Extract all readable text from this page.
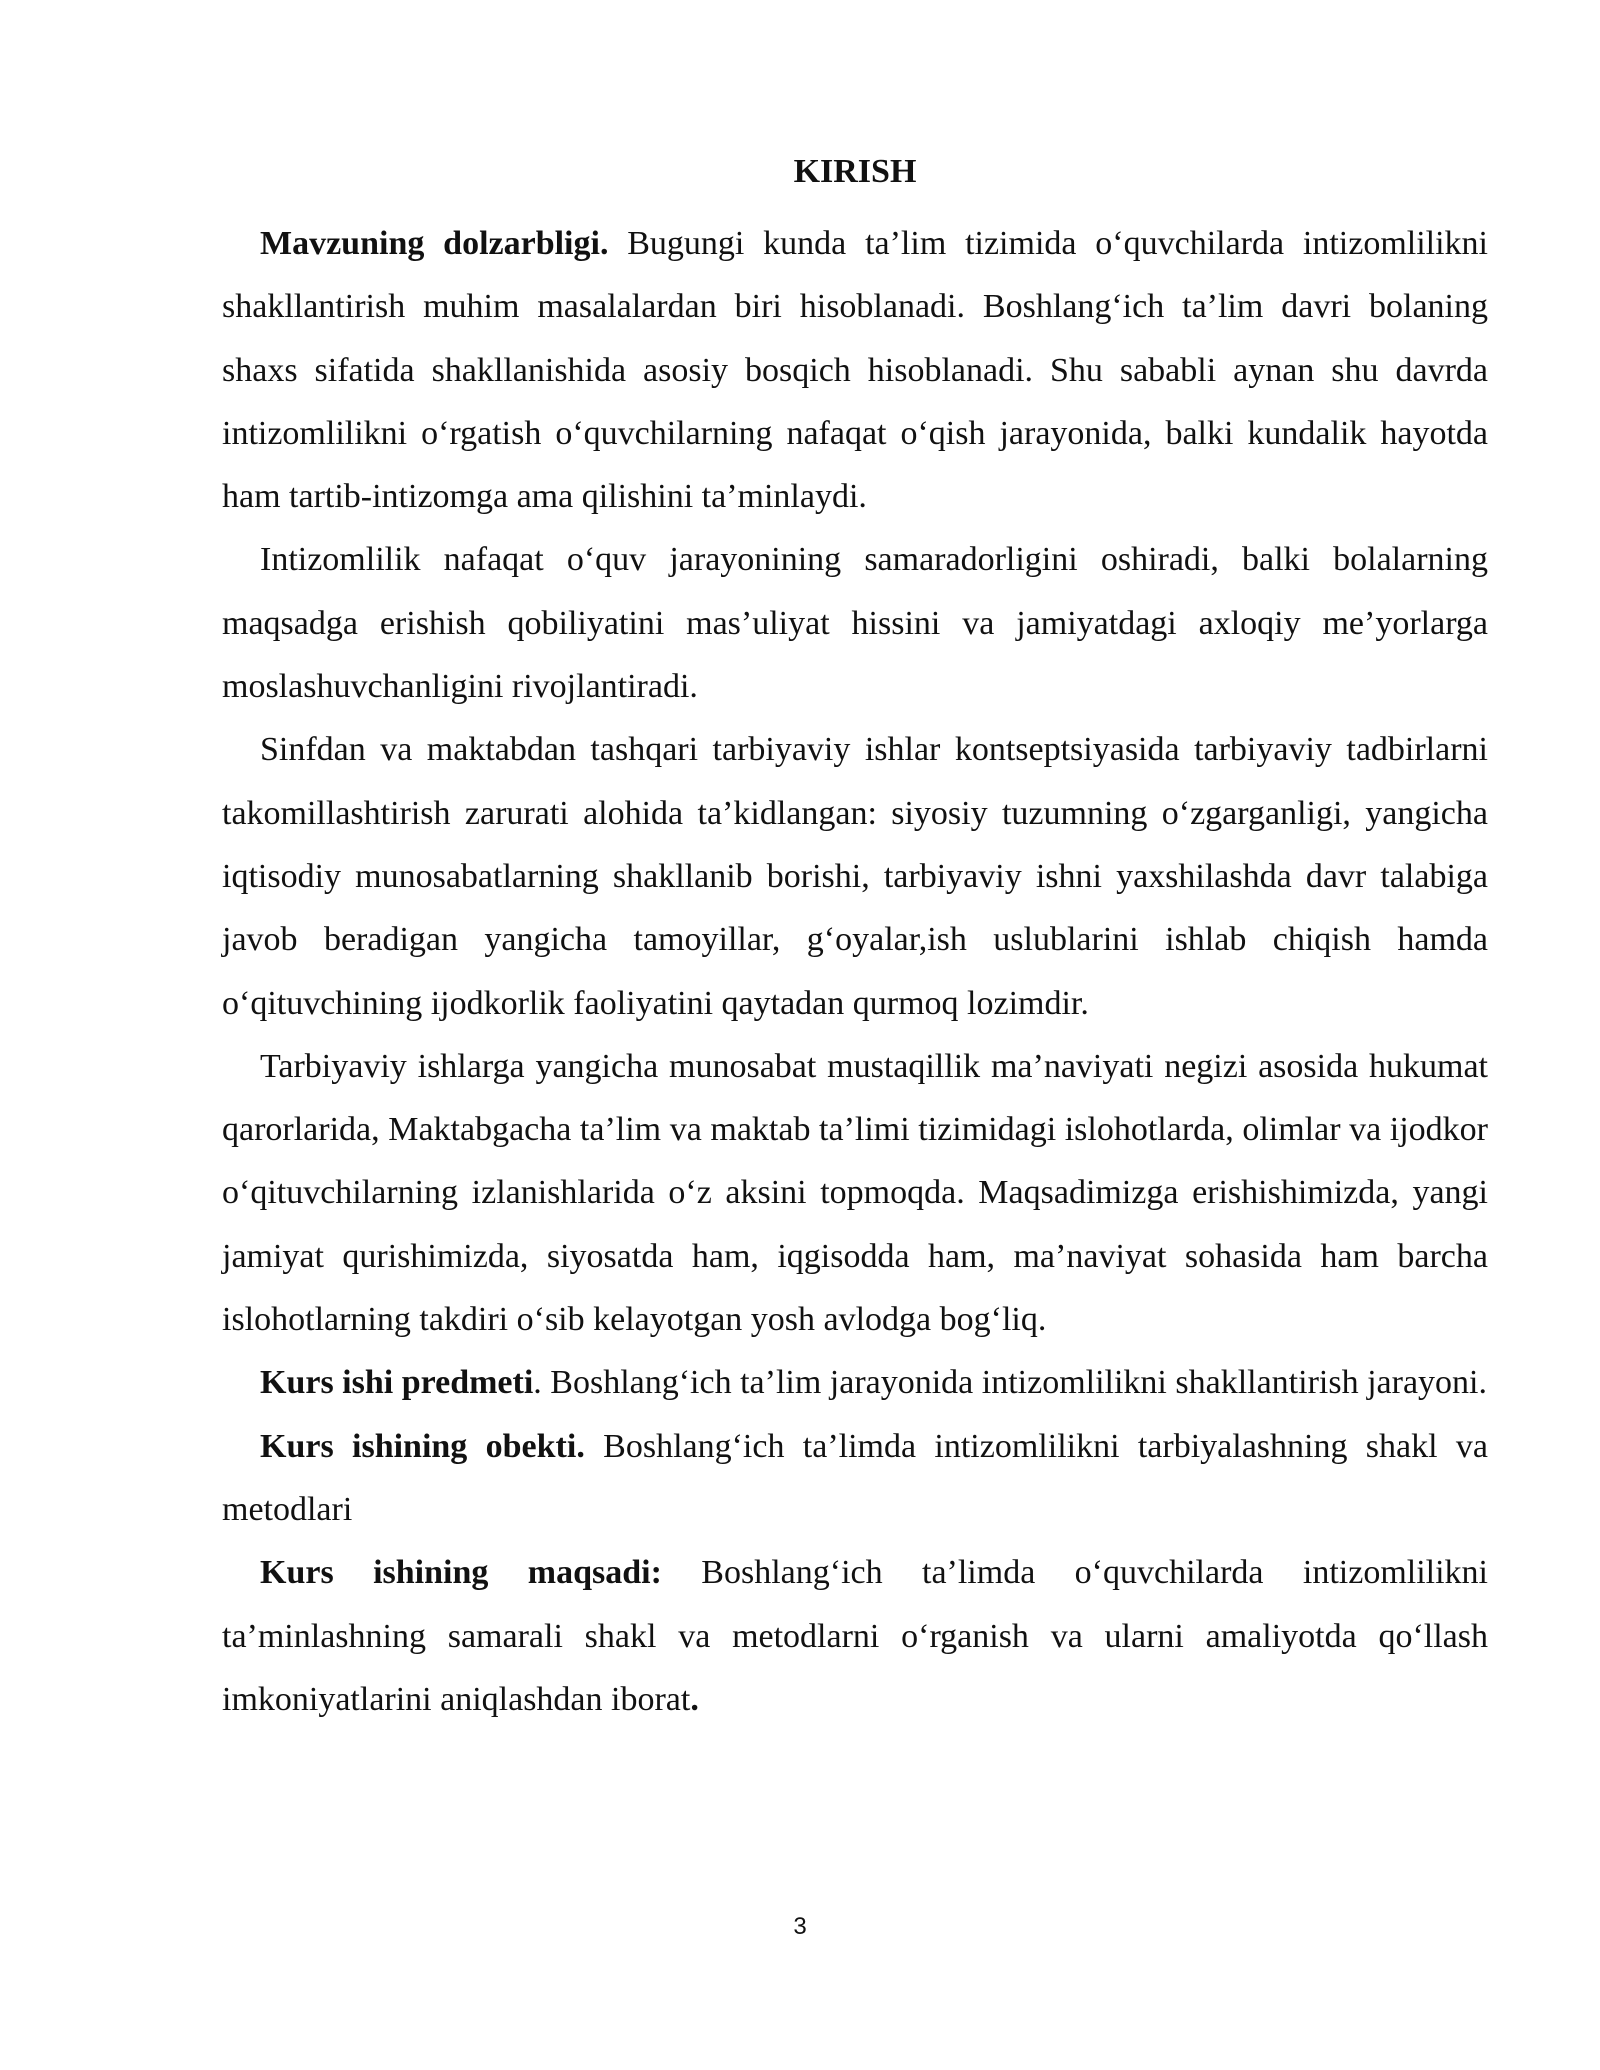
KIRISH

Mavzuning dolzarbligi. Bugungi kunda ta’lim tizimida o‘quvchilarda intizomlilikni shakllantirish muhim masalalardan biri hisoblanadi. Boshlang‘ich ta’lim davri bolaning shaxs sifatida shakllanishida asosiy bosqich hisoblanadi. Shu sababli aynan shu davrda intizomlilikni o‘rgatish o‘quvchilarning nafaqat o‘qish jarayonida, balki kundalik hayotda ham tartib-intizomga ama qilishini ta’minlaydi.

Intizomlilik nafaqat o‘quv jarayonining samaradorligini oshiradi, balki bolalarning maqsadga erishish qobiliyatini mas’uliyat hissini va jamiyatdagi axloqiy me’yorlarga moslashuvchanligini rivojlantiradi.

Sinfdan va maktabdan tashqari tarbiyaviy ishlar kontseptsiyasida tarbiyaviy tadbirlarni takomillashtirish zarurati alohida ta’kidlangan: siyosiy tuzumning o‘zgarganligi, yangicha iqtisodiy munosabatlarning shakllanib borishi, tarbiyaviy ishni yaxshilashda davr talabiga javob beradigan yangicha tamoyillar, g‘oyalar,ish uslublarini ishlab chiqish hamda o‘qituvchining ijodkorlik faoliyatini qaytadan qurmoq lozimdir.

Tarbiyaviy ishlarga yangicha munosabat mustaqillik ma’naviyati negizi asosida hukumat qarorlarida, Maktabgacha ta’lim va maktab ta’limi tizimidagi islohotlarda, olimlar va ijodkor o‘qituvchilarning izlanishlarida o‘z aksini topmoqda. Maqsadimizga erishishimizda, yangi jamiyat qurishimizda, siyosatda ham, iqgisodda ham, ma’naviyat sohasida ham barcha islohotlarning takdiri o‘sib kelayotgan yosh avlodga bog‘liq.

Kurs ishi predmeti. Boshlang‘ich ta’lim jarayonida intizomlilikni shakllantirish jarayoni.

Kurs ishining obekti. Boshlang‘ich ta’limda intizomlilikni tarbiyalashning shakl va metodlari

Kurs ishining maqsadi: Boshlang‘ich ta’limda o‘quvchilarda intizomlilikni ta’minlashning samarali shakl va metodlarni o‘rganish va ularni amaliyotda qo‘llash imkoniyatlarini aniqlashdan iborat.

3
